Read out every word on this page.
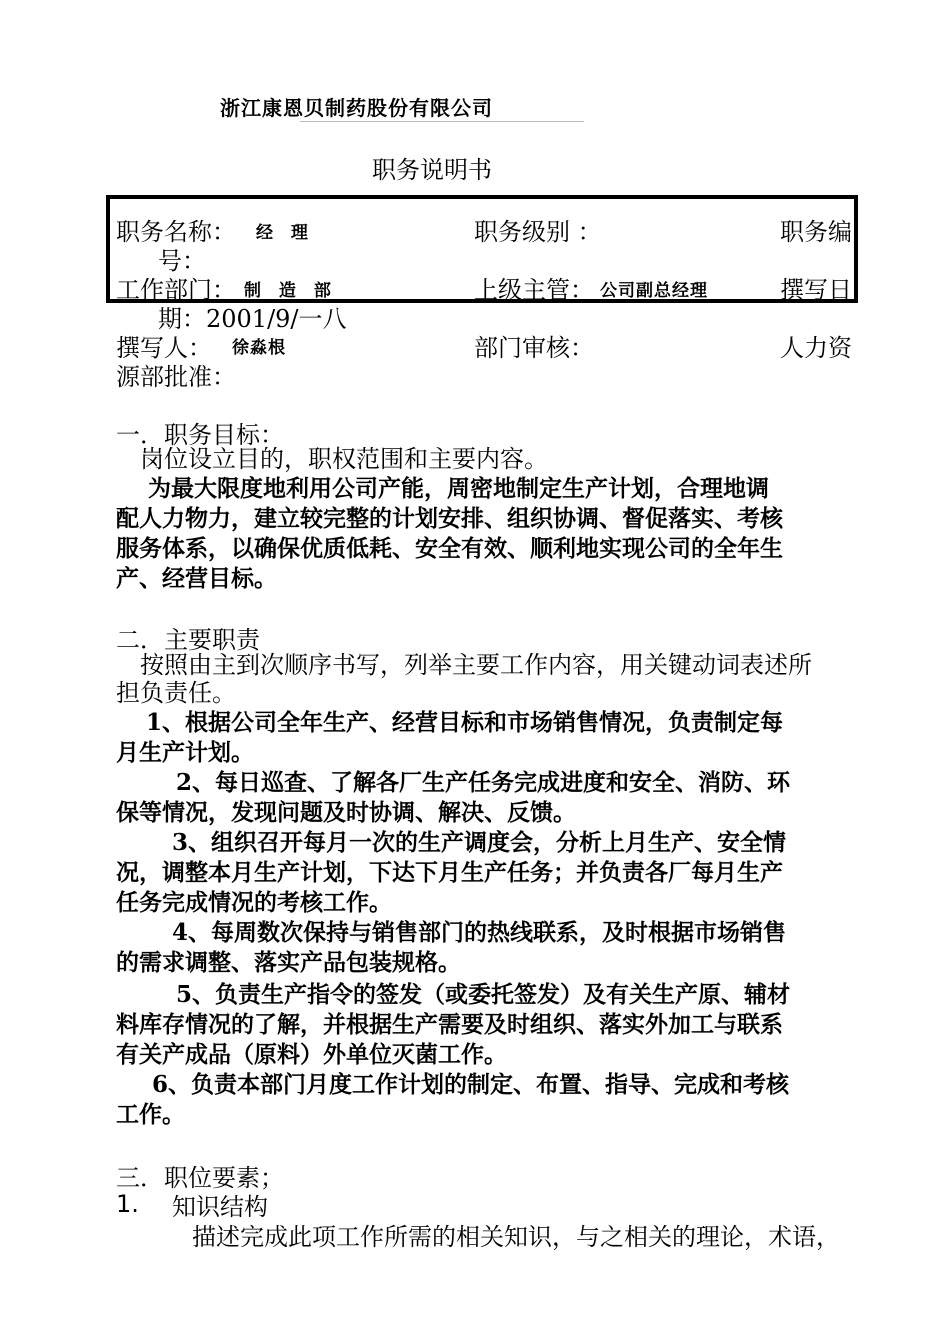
浙江康恩贝制药股份有限公司
职务说明书
职务名称： 经 理	职务级别 ：	职务编
号：
工作部门： 制 造 部	上级主管： 公司副总经理	撰写日
期：2001/9/一八
撰写人： 徐淼根	部门审核：	人力资
源部批准：
一．职务目标：
岗位设立目的，职权范围和主要内容。
为最大限度地利用公司产能，周密地制定生产计划，合理地调
配人力物力，建立较完整的计划安排、组织协调、督促落实、考核
服务体系，以确保优质低耗、安全有效、顺利地实现公司的全年生
产、经营目标。
二．主要职责
按照由主到次顺序书写，列举主要工作内容，用关键动词表述所
担负责任。
1、根据公司全年生产、经营目标和市场销售情况，负责制定每
月生产计划。
2、每日巡查、了解各厂生产任务完成进度和安全、消防、环
保等情况，发现问题及时协调、解决、反馈。
3、组织召开每月一次的生产调度会，分析上月生产、安全情
况，调整本月生产计划，下达下月生产任务；并负责各厂每月生产
任务完成情况的考核工作。
4、每周数次保持与销售部门的热线联系，及时根据市场销售
的需求调整、落实产品包装规格。
5、负责生产指令的签发（或委托签发）及有关生产原、辅材
料库存情况的了解，并根据生产需要及时组织、落实外加工与联系
有关产成品（原料）外单位灭菌工作。
6、负责本部门月度工作计划的制定、布置、指导、完成和考核
工作。
三．职位要素；
1. 知识结构
描述完成此项工作所需的相关知识，与之相关的理论，术语，
